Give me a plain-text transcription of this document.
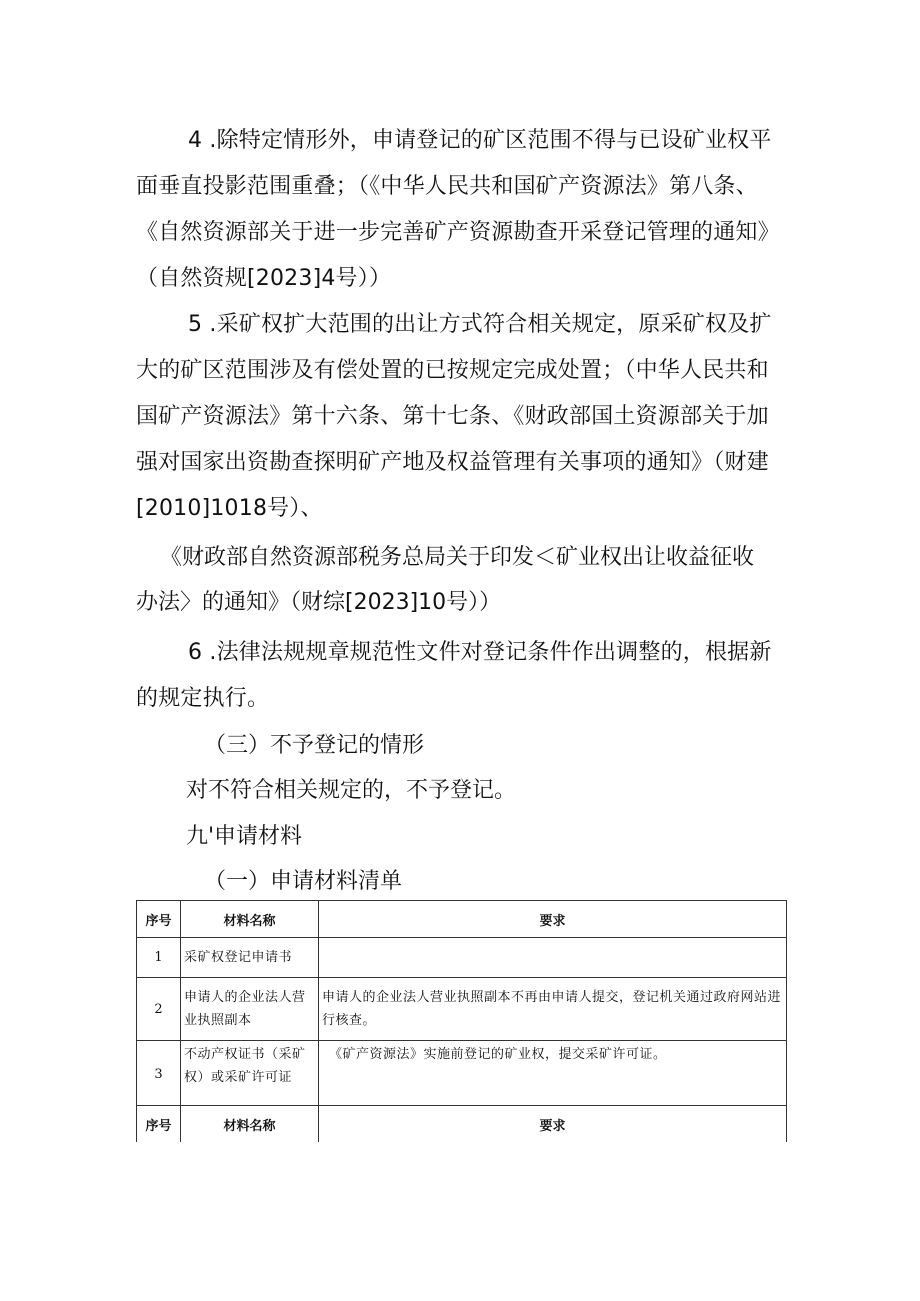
4 .除特定情形外，申请登记的矿区范围不得与已设矿业权平面垂直投影范围重叠；（《中华人民共和国矿产资源法》第八条、《自然资源部关于进一步完善矿产资源勘查开采登记管理的通知》（自然资规[2023]4号））

5 .采矿权扩大范围的出让方式符合相关规定，原采矿权及扩大的矿区范围涉及有偿处置的已按规定完成处置；（中华人民共和国矿产资源法》第十六条、第十七条、《财政部国土资源部关于加强对国家出资勘查探明矿产地及权益管理有关事项的通知》（财建[2010]1018号）、

《财政部自然资源部税务总局关于印发＜矿业权出让收益征收
办法〉的通知》（财综[2023]10号））

6 .法律法规规章规范性文件对登记条件作出调整的，根据新的规定执行。

（三）不予登记的情形
对不符合相关规定的，不予登记。
九'申请材料
（一）申请材料清单
序号	材料名称	要求
1	采矿权登记申请书	
2	申请人的企业法人营业执照副本	申请人的企业法人营业执照副本不再由申请人提交，登记机关通过政府网站进行核查。
3	不动产权证书（采矿权）或采矿许可证	《矿产资源法》实施前登记的矿业权，提交采矿许可证。
序号	材料名称	要求
